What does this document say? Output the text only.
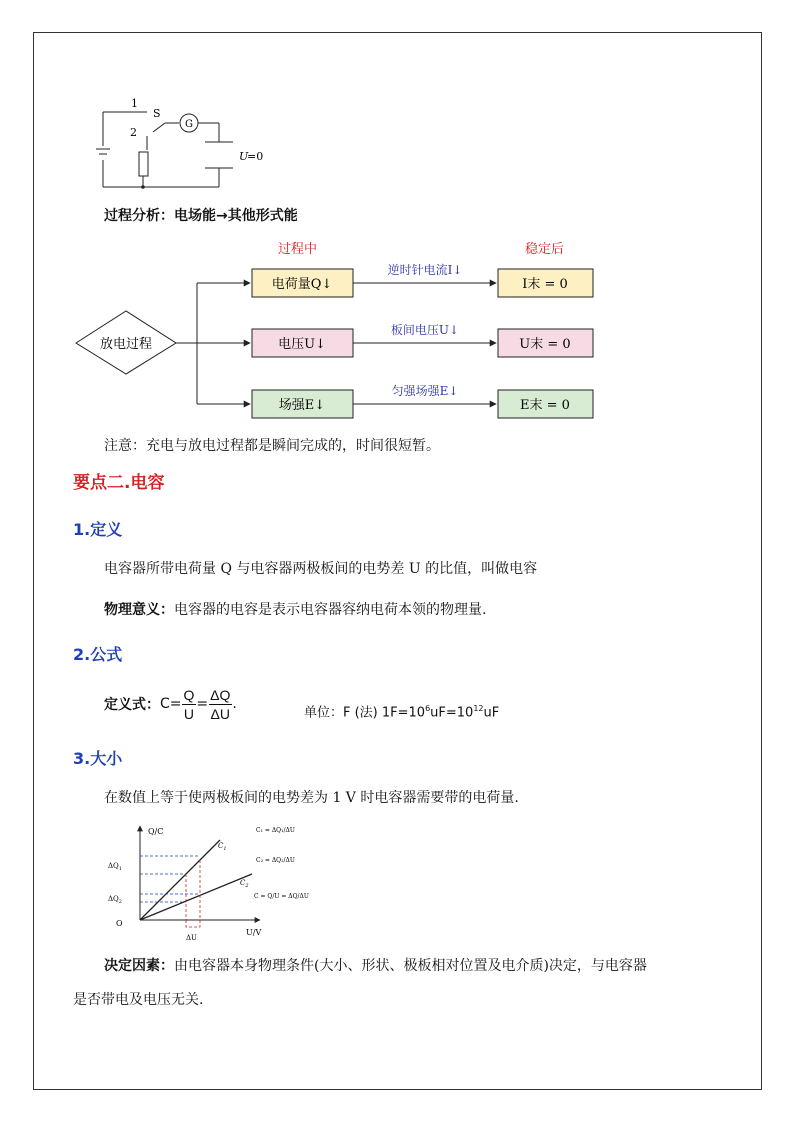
1
2
S
G
U
=0
过程分析：电场能→其他形式能
过程中	稳定后
放电过程
电荷量Q↓
电压U↓
场强E↓
逆时针电流I↓
板间电压U↓
匀强场强E↓
I末 = 0
U末 = 0
E末 = 0
注意：充电与放电过程都是瞬间完成的，时间很短暂。
要点二.电容
1.定义
电容器所带电荷量 Q 与电容器两极板间的电势差 U 的比值，叫做电容
物理意义：电容器的电容是表示电容器容纳电荷本领的物理量.
2.公式
定义式： $C= \frac{Q}{U} = \frac{\Delta Q}{\Delta U}$ .
单位：F (法) $1F=10^6uF=10^{12}uF$
3.大小
在数值上等于使两极板间的电势差为 1 V 时电容器需要带的电荷量.
Q/C
U/V
O
$\Delta Q_1$
$\Delta Q_2$
ΔU
$C_1$
$C_2$
C₁ = ΔQ₁/ΔU
C₂ = ΔQ₂/ΔU
C = Q/U = ΔQ/ΔU
决定因素：由电容器本身物理条件(大小、形状、极板相对位置及电介质)决定，与电容器
是否带电及电压无关.
